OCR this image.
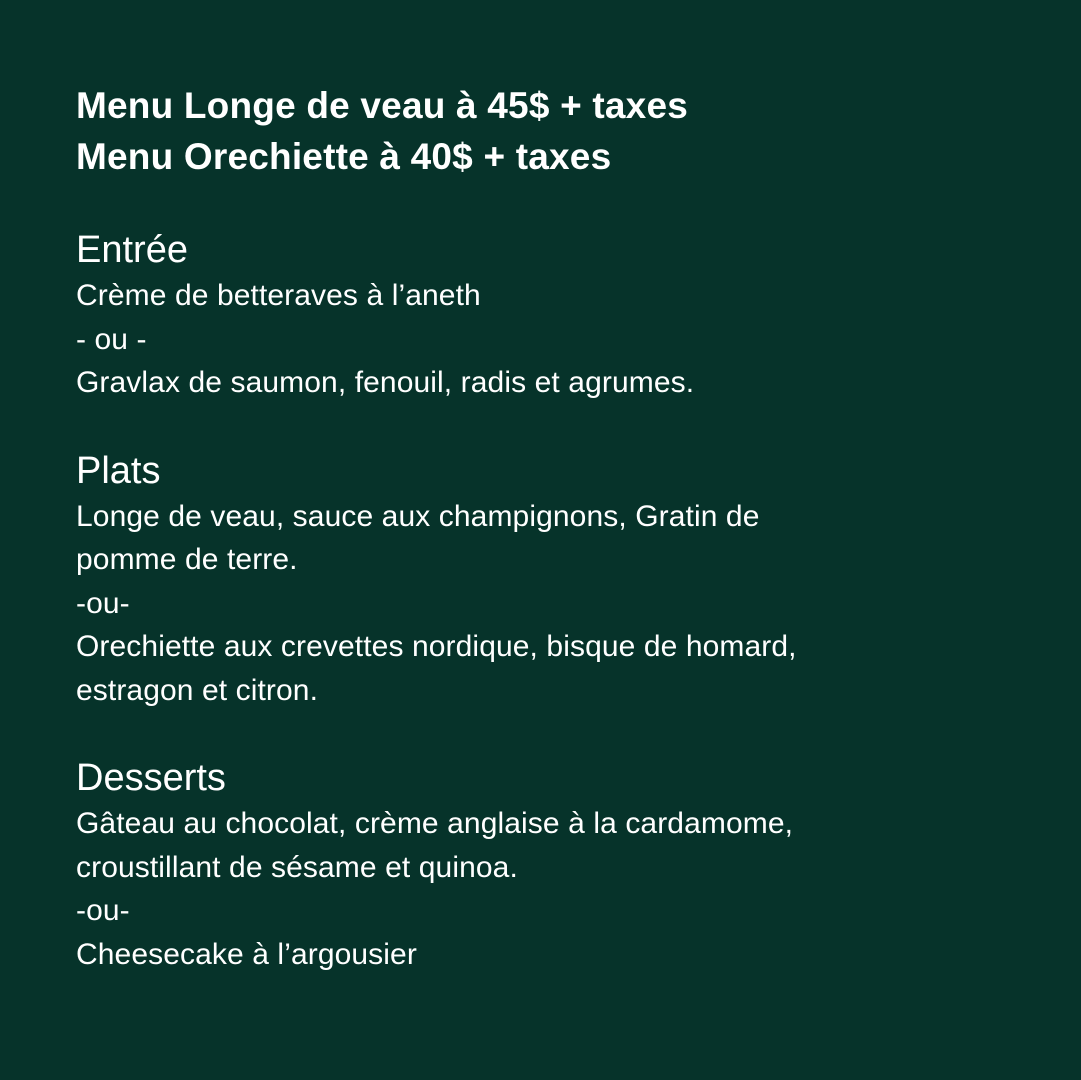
Menu Longe de veau à 45$ + taxes
Menu Orechiette à 40$ + taxes
Entrée
Crème de betteraves à l’aneth
- ou -
Gravlax de saumon, fenouil, radis et agrumes.
Plats
Longe de veau, sauce aux champignons, Gratin de
pomme de terre.
-ou-
Orechiette aux crevettes nordique, bisque de homard,
estragon et citron.
Desserts
Gâteau au chocolat, crème anglaise à la cardamome,
croustillant de sésame et quinoa.
-ou-
Cheesecake à l’argousier
